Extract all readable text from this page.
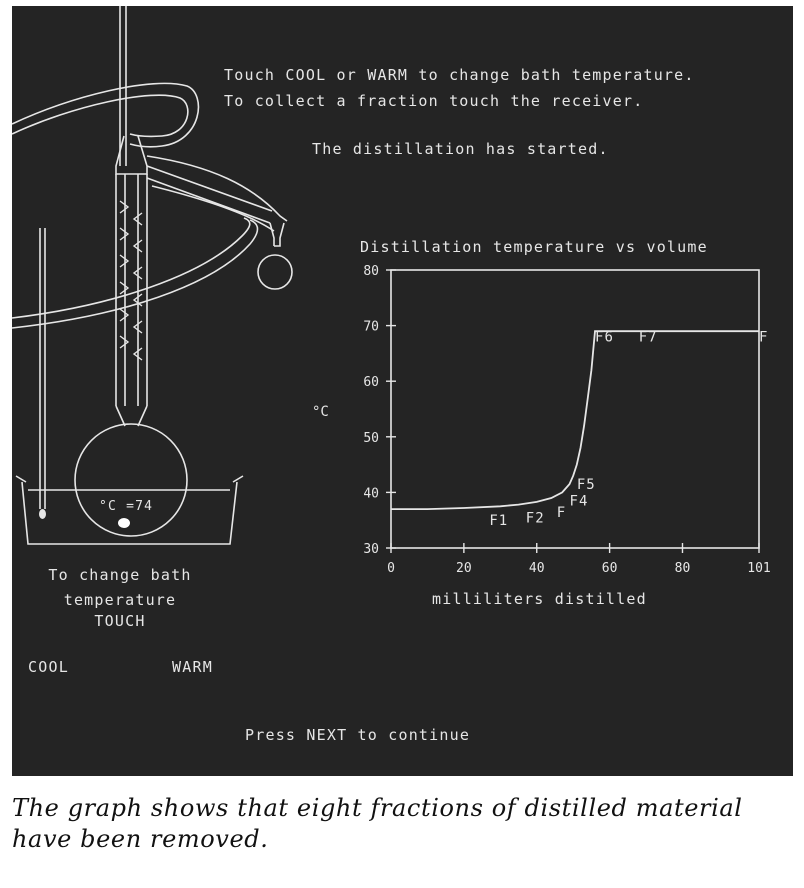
Distillation temperature vs volume
°C
milliliters distilled
30
40
50
60
70
80
0	20	40	60	80	101
F1 F2 F
F4
F5
F6 F7	F
Touch COOL or WARM to change bath temperature.
To collect a fraction touch the receiver.
The distillation has started.
°C =74
To change bath
temperature
TOUCH
COOL	WARM
Press NEXT to continue
The graph shows that eight fractions of distilled material have been removed.
